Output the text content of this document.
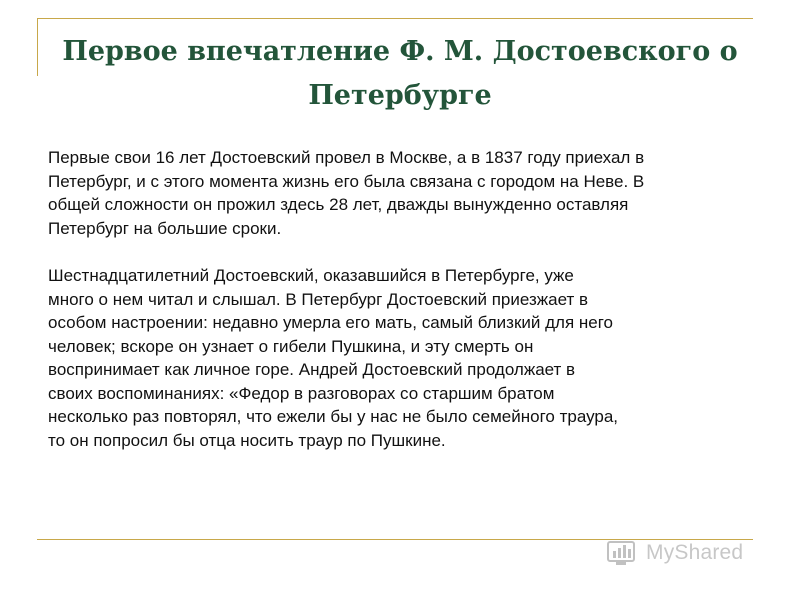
Первое впечатление Ф. М. Достоевского о
Петербурге

Первые свои 16 лет Достоевский провел в Москве, а в 1837 году приехал в
Петербург, и с этого момента жизнь его была связана с городом на Неве. В
общей сложности он прожил здесь 28 лет, дважды вынужденно оставляя
Петербург на большие сроки.

Шестнадцатилетний Достоевский, оказавшийся в Петербурге, уже
много о нем читал и слышал. В Петербург Достоевский приезжает в
особом настроении: недавно умерла его мать, самый близкий для него
человек; вскоре он узнает о гибели Пушкина, и эту смерть он
воспринимает как личное горе. Андрей Достоевский продолжает в
своих воспоминаниях: «Федор в разговорах со старшим братом
несколько раз повторял, что ежели бы у нас не было семейного траура,
то он попросил бы отца носить траур по Пушкине.

MyShared
